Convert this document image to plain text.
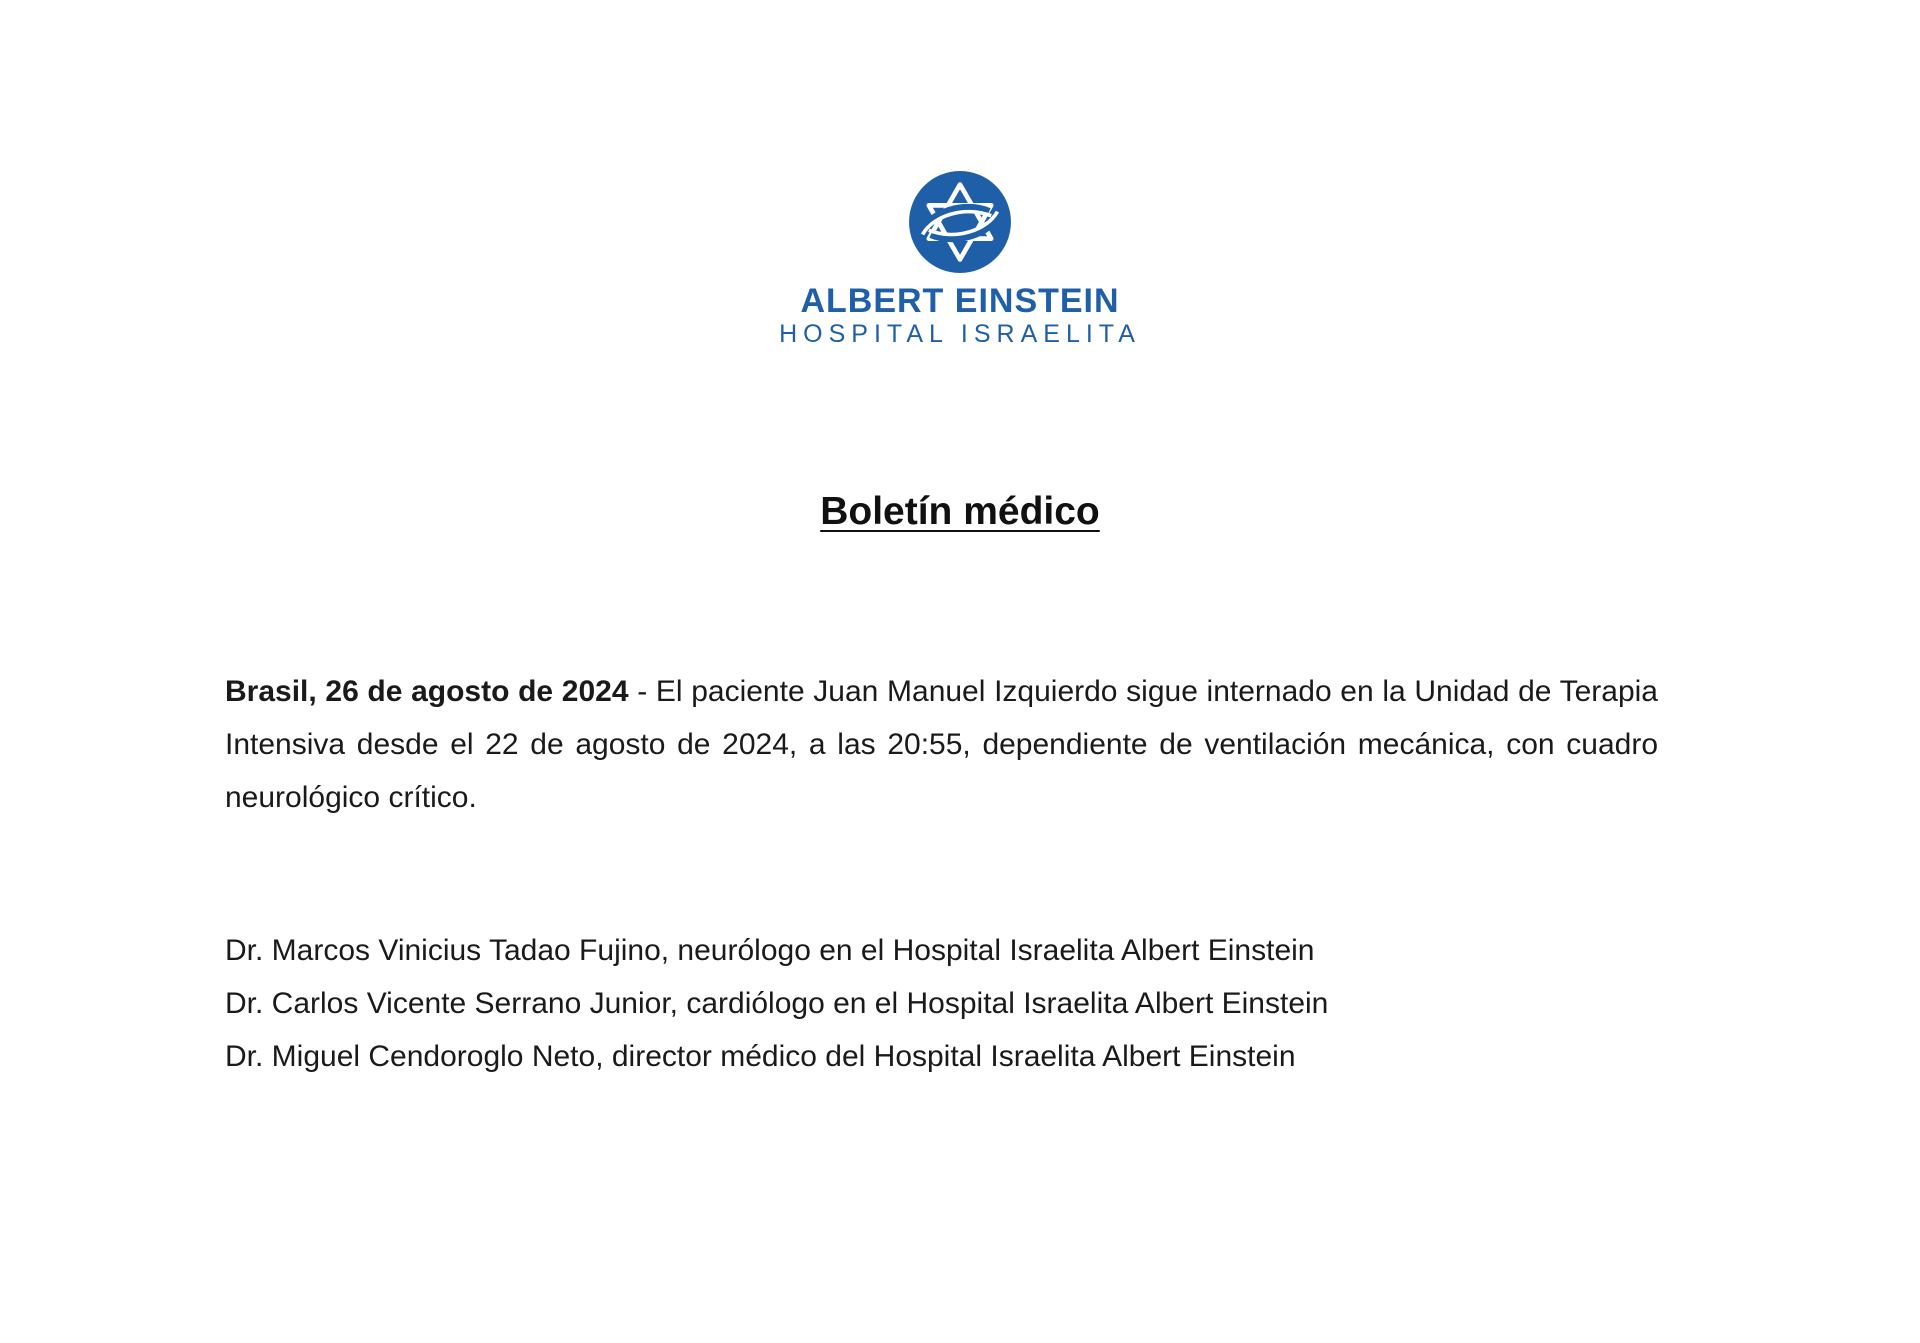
ALBERT EINSTEIN
HOSPITAL ISRAELITA
Boletín médico
Brasil, 26 de agosto de 2024 - El paciente Juan Manuel Izquierdo sigue internado en la Unidad de Terapia Intensiva desde el 22 de agosto de 2024, a las 20:55, dependiente de ventilación mecánica, con cuadro neurológico crítico.
Dr. Marcos Vinicius Tadao Fujino, neurólogo en el Hospital Israelita Albert Einstein
Dr. Carlos Vicente Serrano Junior, cardiólogo en el Hospital Israelita Albert Einstein
Dr. Miguel Cendoroglo Neto, director médico del Hospital Israelita Albert Einstein
